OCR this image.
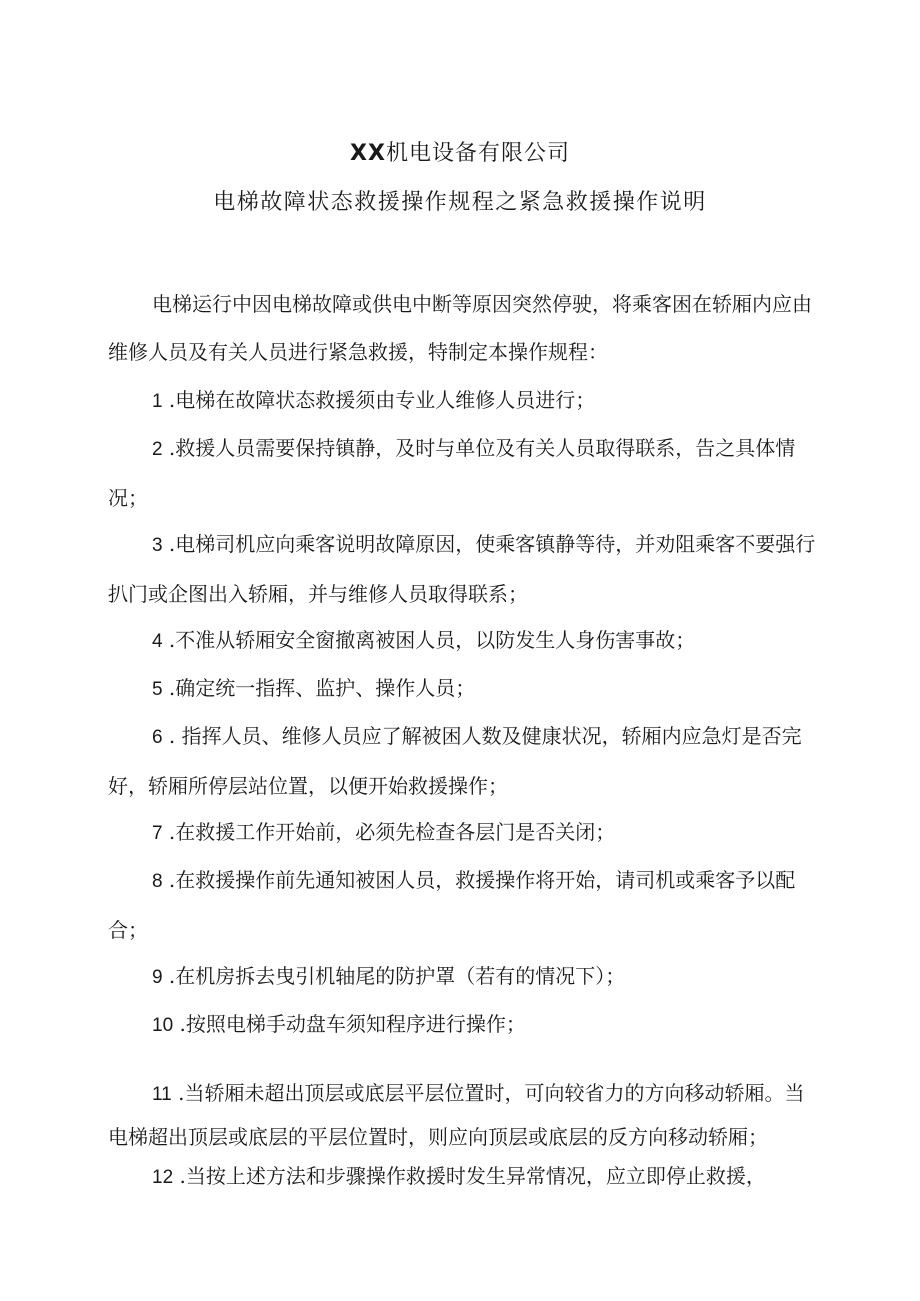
XX机电设备有限公司
电梯故障状态救援操作规程之紧急救援操作说明

电梯运行中因电梯故障或供电中断等原因突然停驶，将乘客困在轿厢内应由维修人员及有关人员进行紧急救援，特制定本操作规程：

1 .电梯在故障状态救援须由专业人维修人员进行；

2 .救援人员需要保持镇静，及时与单位及有关人员取得联系，告之具体情况；

3 .电梯司机应向乘客说明故障原因，使乘客镇静等待，并劝阻乘客不要强行扒门或企图出入轿厢，并与维修人员取得联系；

4 .不准从轿厢安全窗撤离被困人员，以防发生人身伤害事故；

5 .确定统一指挥、监护、操作人员；

6 . 指挥人员、维修人员应了解被困人数及健康状况，轿厢内应急灯是否完好，轿厢所停层站位置，以便开始救援操作；

7 .在救援工作开始前，必须先检查各层门是否关闭；

8 .在救援操作前先通知被困人员，救援操作将开始，请司机或乘客予以配合；

9 .在机房拆去曳引机轴尾的防护罩（若有的情况下）；

10 .按照电梯手动盘车须知程序进行操作；

11 .当轿厢未超出顶层或底层平层位置时，可向较省力的方向移动轿厢。当电梯超出顶层或底层的平层位置时，则应向顶层或底层的反方向移动轿厢；

12 .当按上述方法和步骤操作救援时发生异常情况，应立即停止救援，
